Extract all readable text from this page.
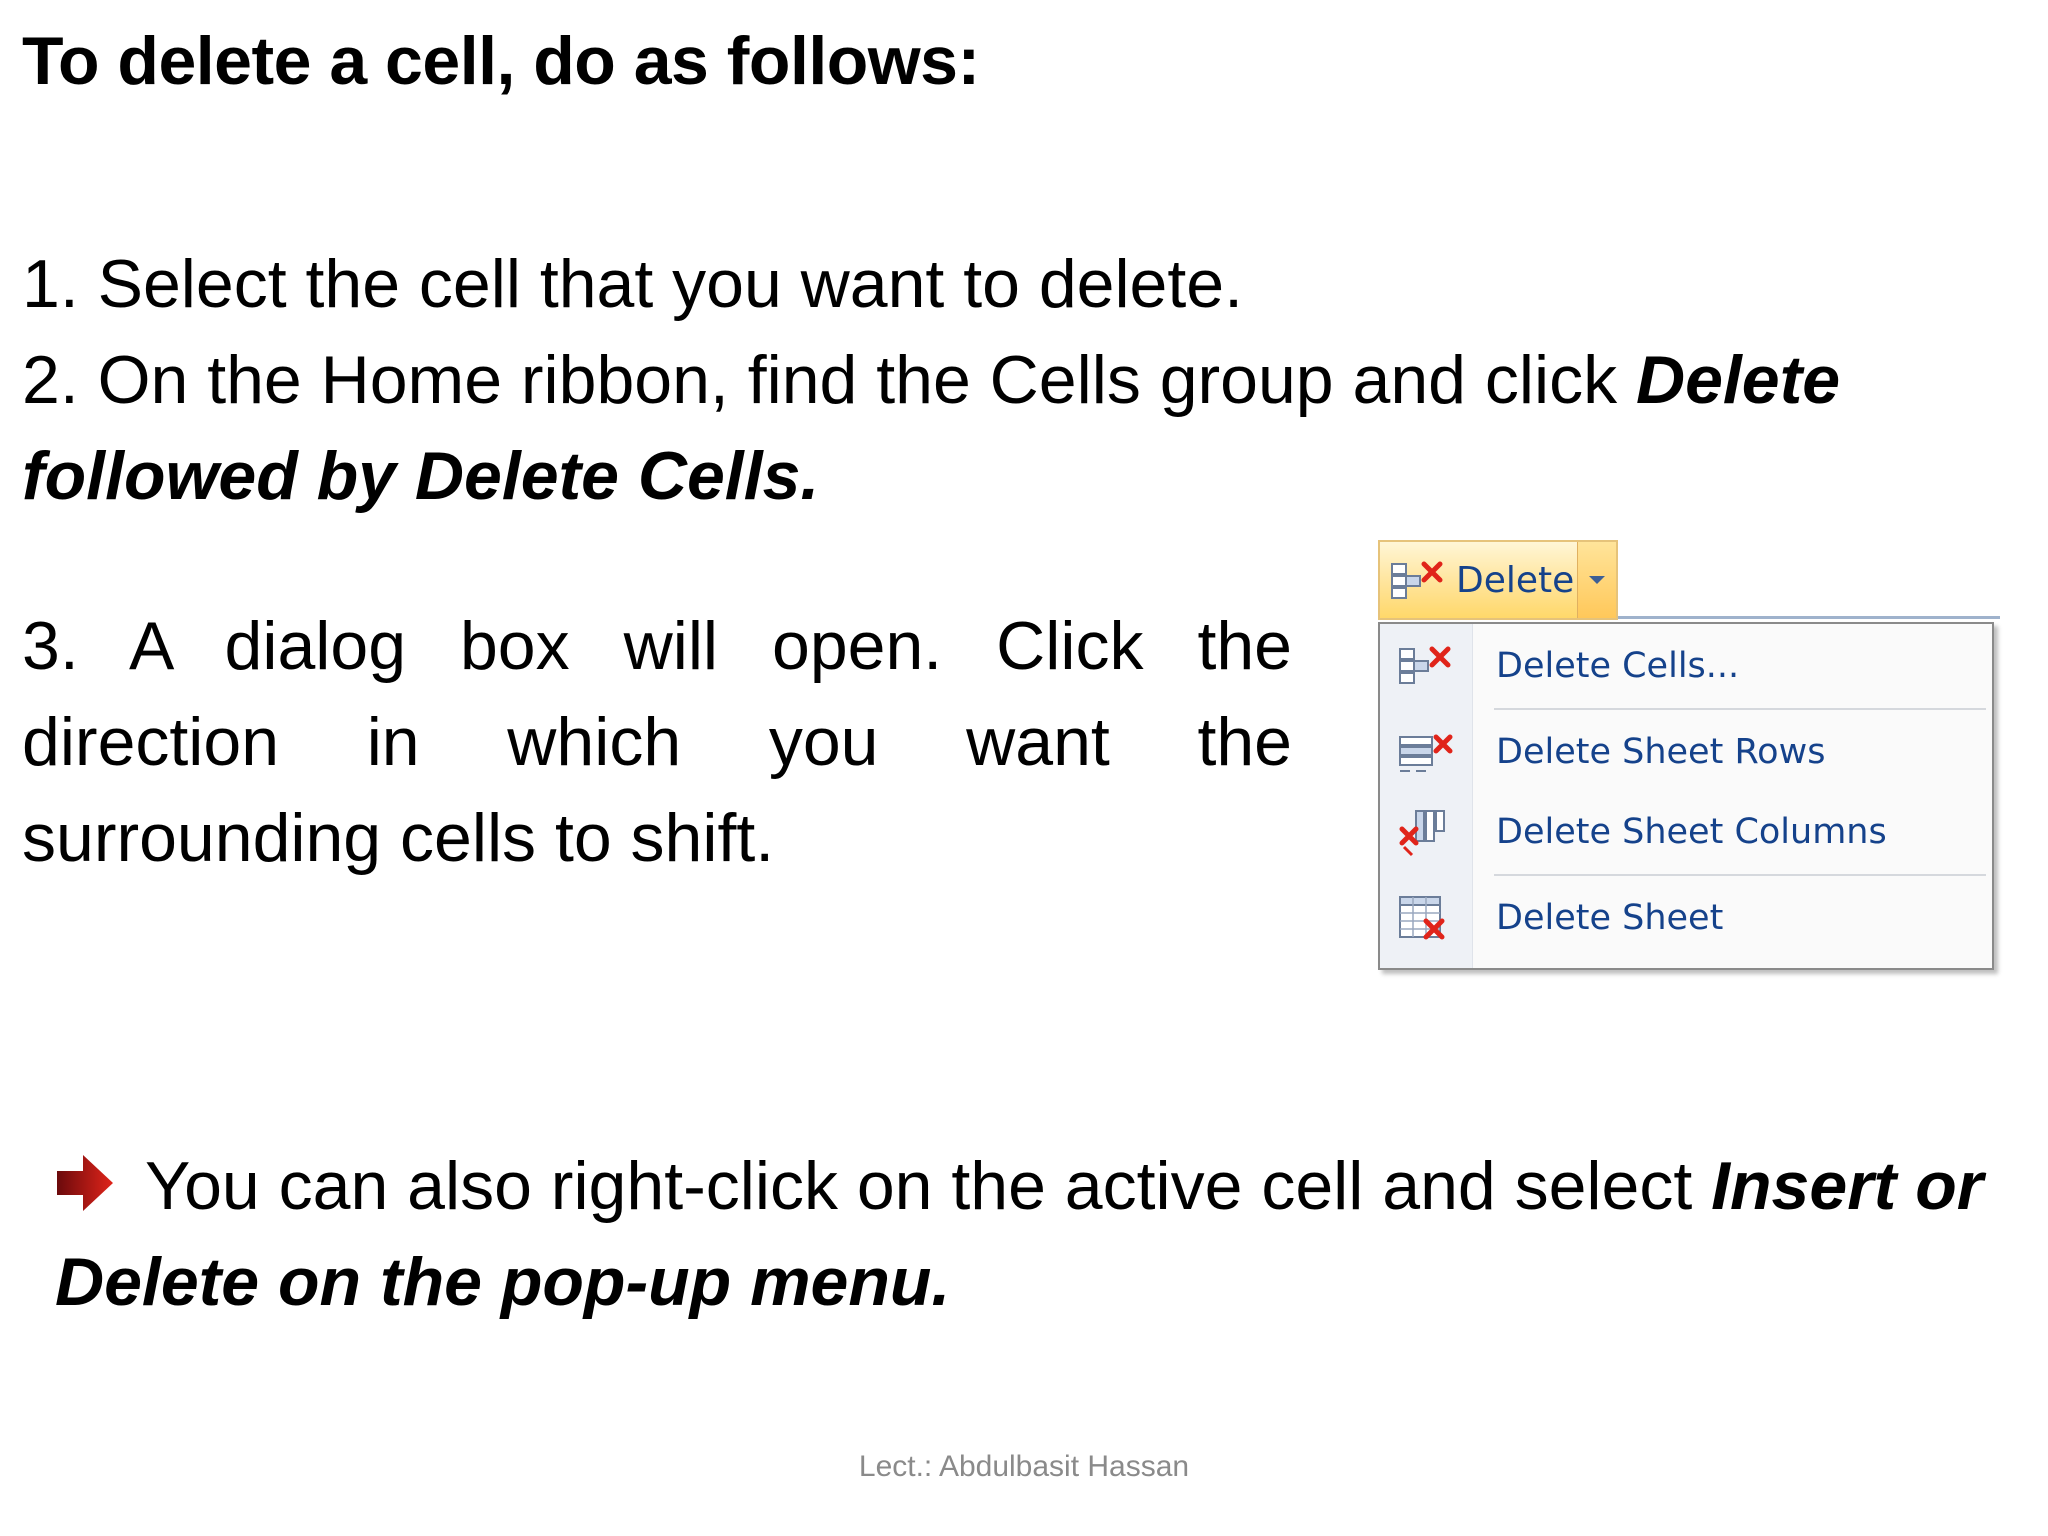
To delete a cell, do as follows:
1. Select the cell that you want to delete.
2. On the Home ribbon, find the Cells group and click Delete followed by Delete Cells.
3. A dialog box will open. Click the direction in which you want the surrounding cells to shift.
Delete
Delete Cells...
Delete Sheet Rows
Delete Sheet Columns
Delete Sheet
You can also right-click on the active cell and select Insert or Delete on the pop-up menu.
Lect.: Abdulbasit Hassan
